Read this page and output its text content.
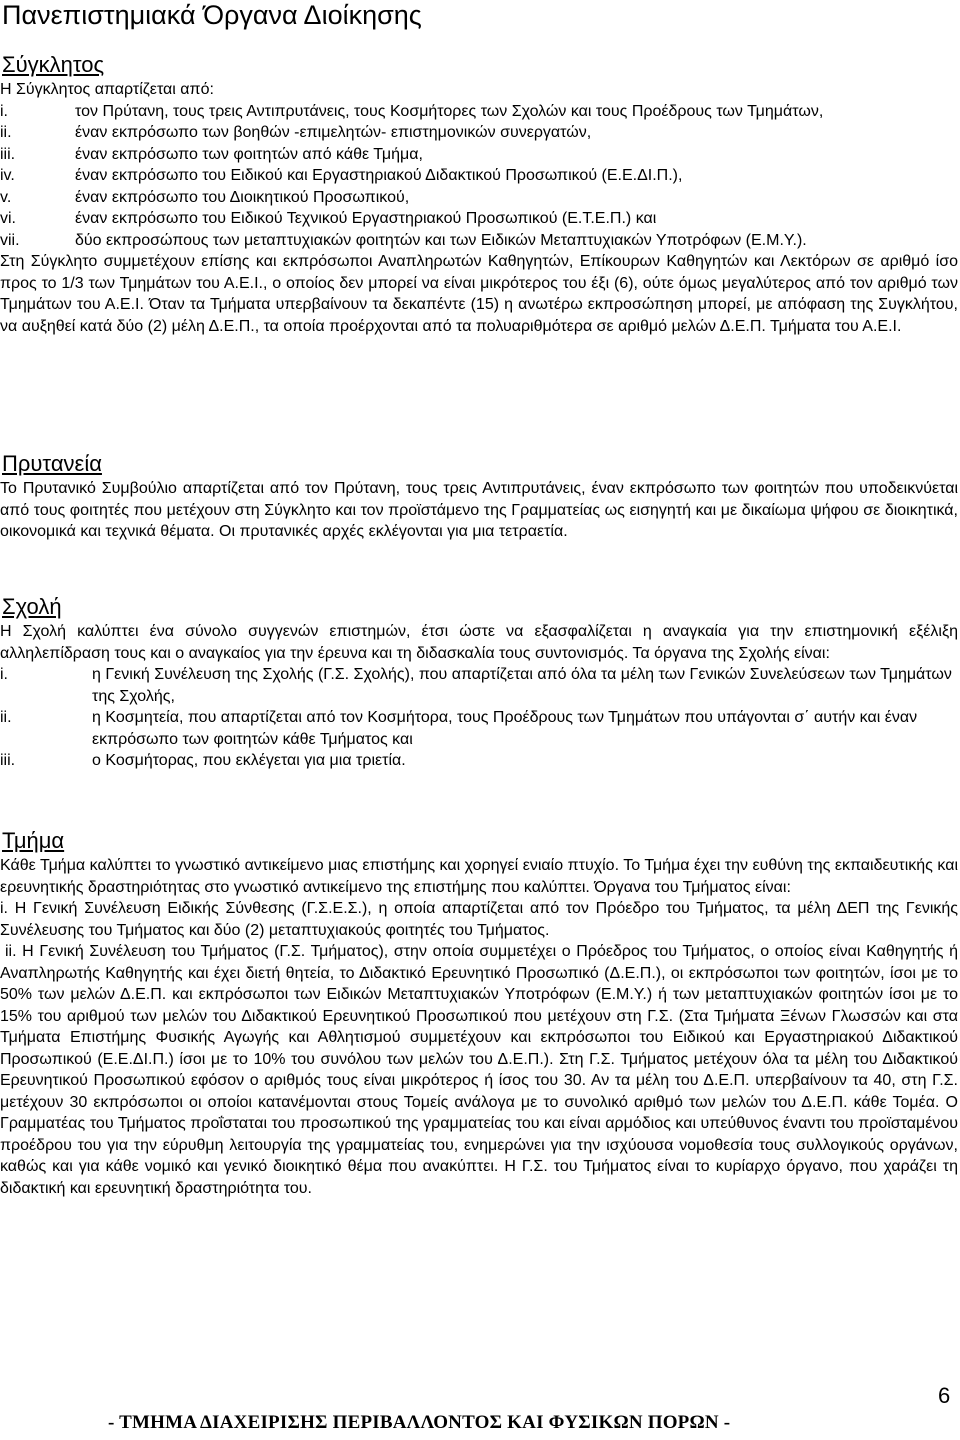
Πανεπιστημιακά Όργανα Διοίκησης
Σύγκλητος
Η Σύγκλητος απαρτίζεται από:
i.	τον Πρύτανη, τους τρεις Αντιπρυτάνεις, τους Κοσμήτορες των Σχολών και τους Προέδρους των Τμημάτων,
ii.	έναν εκπρόσωπο των βοηθών -επιμελητών- επιστημονικών συνεργατών,
iii.	έναν εκπρόσωπο των φοιτητών από κάθε Τμήμα,
iv.	έναν εκπρόσωπο του Ειδικού και Εργαστηριακού Διδακτικού Προσωπικού (Ε.Ε.ΔΙ.Π.),
v.	έναν εκπρόσωπο του Διοικητικού Προσωπικού,
vi.	έναν εκπρόσωπο του Ειδικού Τεχνικού Εργαστηριακού Προσωπικού (Ε.Τ.Ε.Π.) και
vii.	δύο εκπροσώπους των μεταπτυχιακών φοιτητών και των Ειδικών Μεταπτυχιακών Υποτρόφων (Ε.Μ.Υ.).
Στη Σύγκλητο συμμετέχουν επίσης και εκπρόσωποι Αναπληρωτών Καθηγητών, Επίκουρων Καθηγητών και Λεκτόρων σε αριθμό ίσο προς το 1/3 των Τμημάτων του Α.Ε.Ι., ο οποίος δεν μπορεί να είναι μικρότερος του έξι (6), ούτε όμως μεγαλύτερος από τον αριθμό των Τμημάτων του Α.Ε.Ι. Όταν τα Τμήματα υπερβαίνουν τα δεκαπέντε (15) η ανωτέρω εκπροσώπηση μπορεί, με απόφαση της Συγκλήτου, να αυξηθεί κατά δύο (2) μέλη Δ.Ε.Π., τα οποία προέρχονται από τα πολυαριθμότερα σε αριθμό μελών Δ.Ε.Π. Τμήματα του Α.Ε.Ι.
Πρυτανεία
Το Πρυτανικό Συμβούλιο απαρτίζεται από τον Πρύτανη, τους τρεις Αντιπρυτάνεις, έναν εκπρόσωπο των φοιτητών που υποδεικνύεται από τους φοιτητές που μετέχουν στη Σύγκλητο και τον προϊστάμενο της Γραμματείας ως εισηγητή και με δικαίωμα ψήφου σε διοικητικά, οικονομικά και τεχνικά θέματα. Οι πρυτανικές αρχές εκλέγονται για μια τετραετία.
Σχολή
Η Σχολή καλύπτει ένα σύνολο συγγενών επιστημών, έτσι ώστε να εξασφαλίζεται η αναγκαία για την επιστημονική εξέλιξη αλληλεπίδραση τους και ο αναγκαίος για την έρευνα και τη διδασκαλία τους συντονισμός. Τα όργανα της Σχολής είναι:
i.	η Γενική Συνέλευση της Σχολής (Γ.Σ. Σχολής), που απαρτίζεται από όλα τα μέλη των Γενικών Συνελεύσεων των Τμημάτων της Σχολής,
ii.	η Κοσμητεία, που απαρτίζεται από τον Κοσμήτορα, τους Προέδρους των Τμημάτων που υπάγονται σ΄ αυτήν και έναν εκπρόσωπο των φοιτητών κάθε Τμήματος και
iii.	ο Κοσμήτορας, που εκλέγεται για μια τριετία.
Τμήμα
Κάθε Τμήμα καλύπτει το γνωστικό αντικείμενο μιας επιστήμης και χορηγεί ενιαίο πτυχίο. Το Τμήμα έχει την ευθύνη της εκπαιδευτικής και ερευνητικής δραστηριότητας στο γνωστικό αντικείμενο της επιστήμης που καλύπτει. Όργανα του Τμήματος είναι:
i. Η Γενική Συνέλευση Ειδικής Σύνθεσης (Γ.Σ.Ε.Σ.), η οποία απαρτίζεται από τον Πρόεδρο του Τμήματος, τα μέλη ΔΕΠ της Γενικής Συνέλευσης του Τμήματος και δύο (2) μεταπτυχιακούς φοιτητές του Τμήματος.
ii. Η Γενική Συνέλευση του Τμήματος (Γ.Σ. Τμήματος), στην οποία συμμετέχει ο Πρόεδρος του Τμήματος, ο οποίος είναι Καθηγητής ή Αναπληρωτής Καθηγητής και έχει διετή θητεία, το Διδακτικό Ερευνητικό Προσωπικό (Δ.Ε.Π.), οι εκπρόσωποι των φοιτητών, ίσοι με το 50% των μελών Δ.Ε.Π. και εκπρόσωποι των Ειδικών Μεταπτυχιακών Υποτρόφων (Ε.Μ.Υ.) ή των μεταπτυχιακών φοιτητών ίσοι με το 15% του αριθμού των μελών του Διδακτικού Ερευνητικού Προσωπικού που μετέχουν στη Γ.Σ. (Στα Τμήματα Ξένων Γλωσσών και στα Τμήματα Επιστήμης Φυσικής Αγωγής και Αθλητισμού συμμετέχουν και εκπρόσωποι του Ειδικού και Εργαστηριακού Διδακτικού Προσωπικού (Ε.Ε.ΔΙ.Π.) ίσοι με το 10% του συνόλου των μελών του Δ.Ε.Π.). Στη Γ.Σ. Τμήματος μετέχουν όλα τα μέλη του Διδακτικού Ερευνητικού Προσωπικού εφόσον ο αριθμός τους είναι μικρότερος ή ίσος του 30. Αν τα μέλη του Δ.Ε.Π. υπερβαίνουν τα 40, στη Γ.Σ. μετέχουν 30 εκπρόσωποι οι οποίοι κατανέμονται στους Τομείς ανάλογα με το συνολικό αριθμό των μελών του Δ.Ε.Π. κάθε Τομέα. Ο Γραμματέας του Τμήματος προΐσταται του προσωπικού της γραμματείας του και είναι αρμόδιος και υπεύθυνος έναντι του προϊσταμένου προέδρου του για την εύρυθμη λειτουργία της γραμματείας του, ενημερώνει για την ισχύουσα νομοθεσία τους συλλογικούς οργάνων, καθώς και για κάθε νομικό και γενικό διοικητικό θέμα που ανακύπτει. Η Γ.Σ. του Τμήματος είναι το κυρίαρχο όργανο, που χαράζει τη διδακτική και ερευνητική δραστηριότητα του.
- ΤΜΗΜΑ ΔΙΑΧΕΙΡΙΣΗΣ ΠΕΡΙΒΑΛΛΟΝΤΟΣ ΚΑΙ ΦΥΣΙΚΩΝ ΠΟΡΩΝ -
6
